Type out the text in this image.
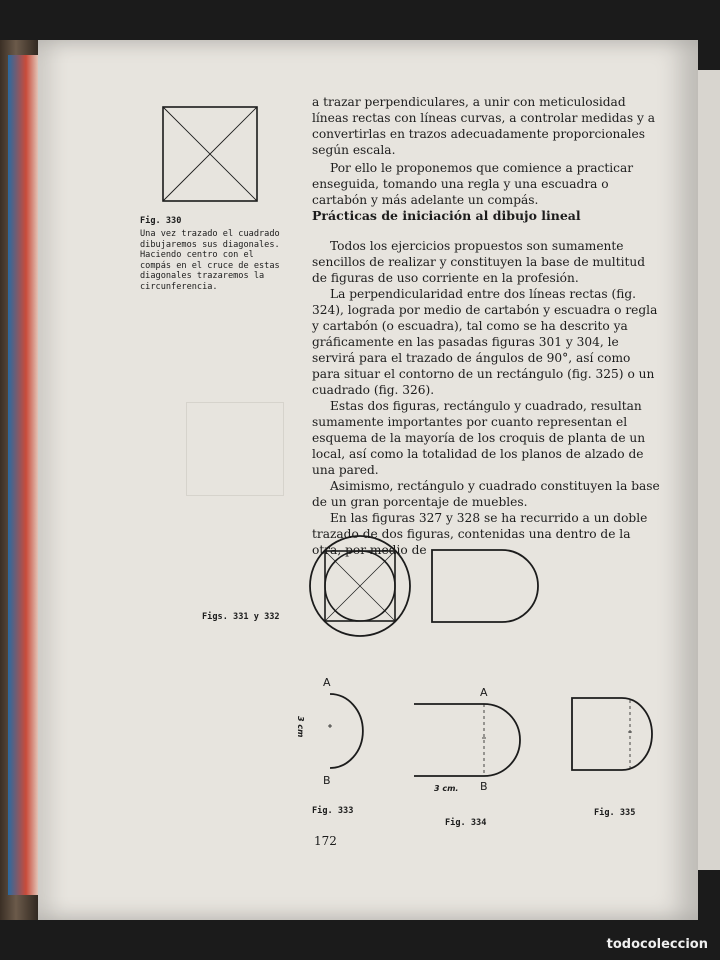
a trazar perpendiculares, a unir con meticulosidad líneas rectas con líneas curvas, a controlar medidas y a convertirlas en trazos adecuadamente proporcionales según escala.

Por ello le proponemos que comience a practicar enseguida, tomando una regla y una escuadra o cartabón y más adelante un compás.

Prácticas de iniciación al dibujo lineal

Todos los ejercicios propuestos son sumamente sencillos de realizar y constituyen la base de multitud de figuras de uso corriente en la profesión.

La perpendicularidad entre dos líneas rectas (fig. 324), lograda por medio de cartabón y escuadra o regla y cartabón (o escuadra), tal como se ha descrito ya gráficamente en las pasadas figuras 301 y 304, le servirá para el trazado de ángulos de 90°, así como para situar el contorno de un rectángulo (fig. 325) o un cuadrado (fig. 326).

Estas dos figuras, rectángulo y cuadrado, resultan sumamente importantes por cuanto representan el esquema de la mayoría de los croquis de planta de un local, así como la totalidad de los planos de alzado de una pared.

Asimismo, rectángulo y cuadrado constituyen la base de un gran porcentaje de muebles.

En las figuras 327 y 328 se ha recurrido a un doble trazado de dos figuras, contenidas una dentro de la otra, por medio de

Fig. 330
Una vez trazado el cuadrado dibujaremos sus diagonales. Haciendo centro con el compás en el cruce de estas diagonales trazaremos la circunferencia.
Figs. 331 y 332
A
B
3 cm
Fig. 333
A
B
3 cm.
Fig. 334
Fig. 335
172
todocoleccion
